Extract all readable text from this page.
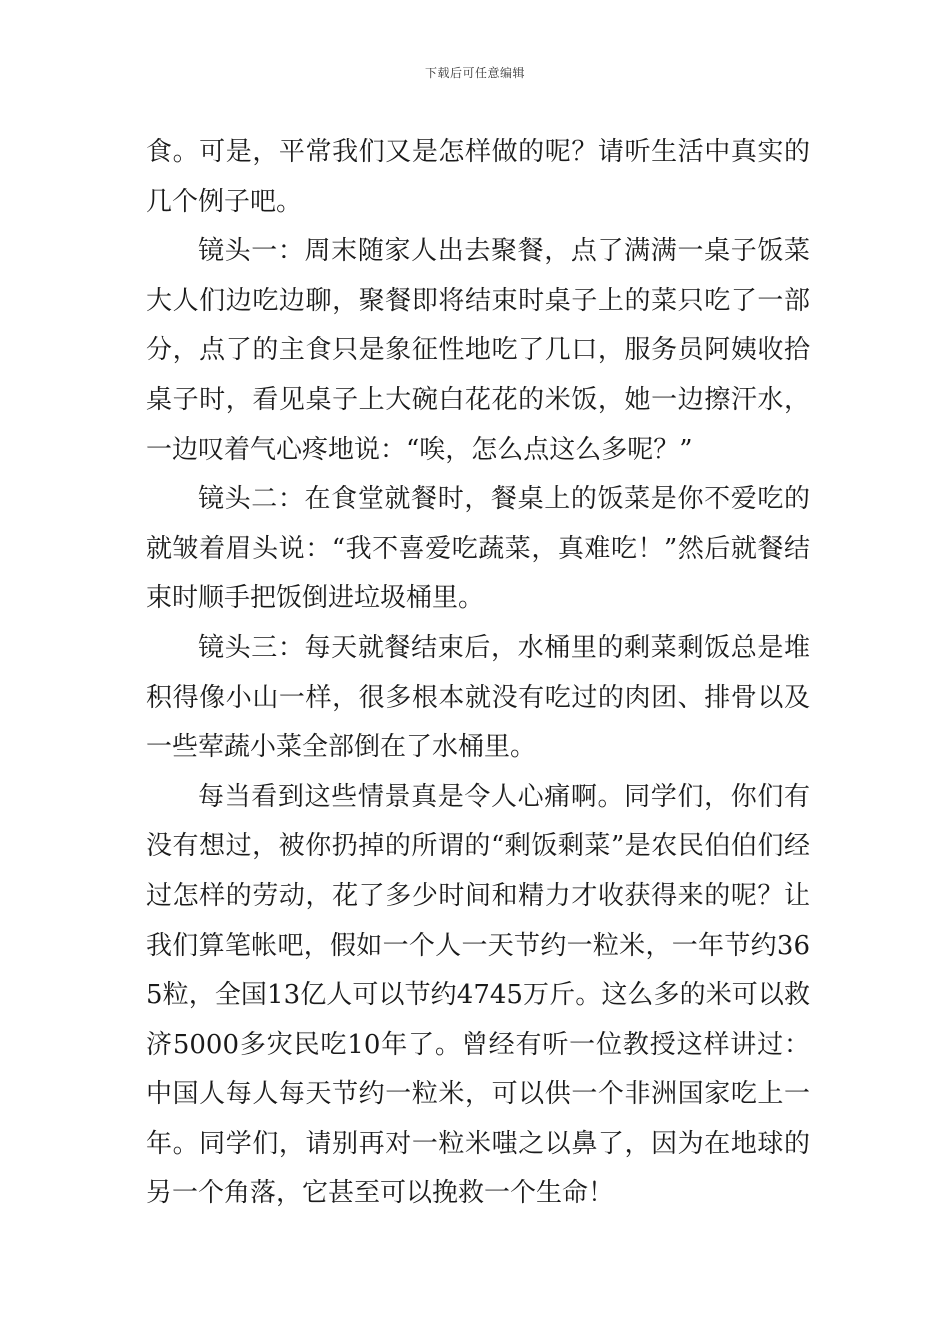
下载后可任意编辑

食。可是，平常我们又是怎样做的呢？请听生活中真实的几个例子吧。

镜头一：周末随家人出去聚餐，点了满满一桌子饭菜大人们边吃边聊，聚餐即将结束时桌子上的菜只吃了一部分，点了的主食只是象征性地吃了几口，服务员阿姨收拾桌子时，看见桌子上大碗白花花的米饭，她一边擦汗水，一边叹着气心疼地说：“唉，怎么点这么多呢？”

镜头二：在食堂就餐时，餐桌上的饭菜是你不爱吃的就皱着眉头说：“我不喜爱吃蔬菜，真难吃！”然后就餐结束时顺手把饭倒进垃圾桶里。

镜头三：每天就餐结束后，水桶里的剩菜剩饭总是堆积得像小山一样，很多根本就没有吃过的肉团、排骨以及一些荤蔬小菜全部倒在了水桶里。

每当看到这些情景真是令人心痛啊。同学们，你们有没有想过，被你扔掉的所谓的“剩饭剩菜”是农民伯伯们经过怎样的劳动，花了多少时间和精力才收获得来的呢？让我们算笔帐吧，假如一个人一天节约一粒米，一年节约365粒，全国13亿人可以节约4745万斤。这么多的米可以救济5000多灾民吃10年了。曾经有听一位教授这样讲过：中国人每人每天节约一粒米，可以供一个非洲国家吃上一年。同学们，请别再对一粒米嗤之以鼻了，因为在地球的另一个角落，它甚至可以挽救一个生命！
